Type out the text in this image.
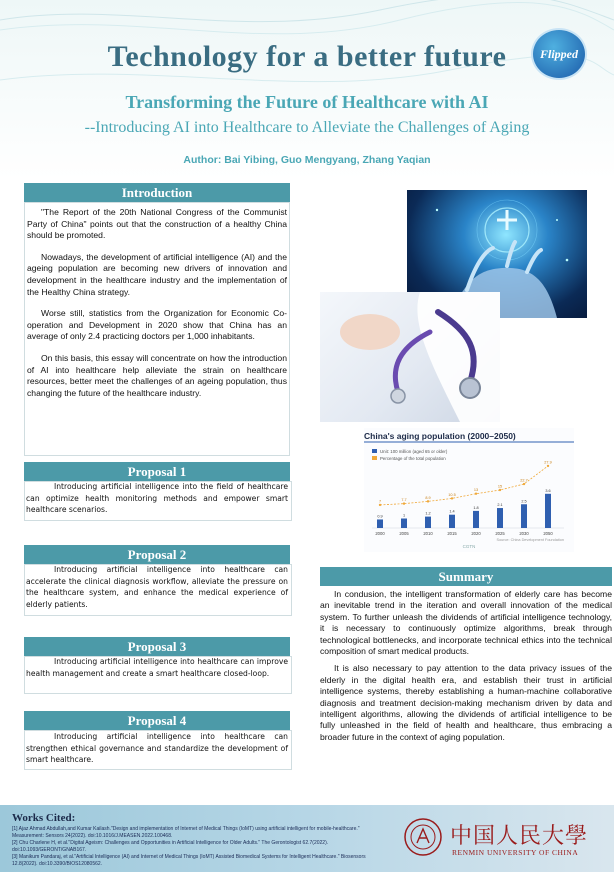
Technology for a better future	Flipped
Transforming the Future of Healthcare with AI
--Introducing AI into Healthcare to Alleviate the Challenges of Aging
Author: Bai Yibing, Guo Mengyang, Zhang Yaqian
Introduction

"The Report of the 20th National Congress of the Communist Party of China" points out that the construction of a healthy China should be promoted.

Nowadays, the development of artificial intelligence (AI) and the ageing population are becoming new drivers of innovation and development in the healthcare industry and the implementation of the Healthy China strategy.

Worse still, statistics from the Organization for Economic Co-operation and Development in 2020 show that China has an average of only 2.4 practicing doctors per 1,000 inhabitants.

On this basis, this essay will concentrate on how the introduction of AI into healthcare help alleviate the strain on healthcare resources, better meet the challenges of an ageing population, thus changing the future of the healthcare industry.

Proposal 1
Introducing artificial intelligence into the field of healthcare can optimize health monitoring methods and empower smart healthcare scenarios.
Proposal 2
Introducing artificial intelligence into healthcare can accelerate the clinical diagnosis workflow, alleviate the pressure on the healthcare system, and enhance the medical experience of elderly patients.
Proposal 3
Introducing artificial intelligence into healthcare can improve health management and create a smart healthcare closed-loop.
Proposal 4
Introducing artificial intelligence into healthcare can strengthen ethical governance and standardize the development of smart healthcare.
China's aging population (2000–2050)
Unit: 100 million (aged 65 or older)
Percentage of the total population
0.9
2000
1
2005
1.2
2010
1.4
2015
1.8
2020
2.1
2025
2.5
2030
3.6
2050
7	7.7
8.9
10.5
13
15
22.7
27.9
CGTN
Source: China Development Foundation
Summary

In condusion, the intelligent transformation of elderly care has become an inevitable trend in the iteration and overall innovation of the medical system. To further unleash the dividends of artificial intelligence technology, it is necessary to continuously optimize algorithms, break through technological bottlenecks, and incorporate technical ethics into the technical composition of smart medical products.

It is also necessary to pay attention to the data privacy issues of the elderly in the digital health era, and establish their trust in artificial intelligence systems, thereby establishing a human-machine collaborative diagnosis and treatment decision-making mechanism driven by data and intelligent algorithms, allowing the dividends of artificial intelligence to be fully unleashed in the field of health and healthcare, thus embracing a broader future in the context of aging population.

Works Cited:
[1] Ajaz Ahmad Abdullah,and Kumar Kailash."Design and implementation of Internet of Medical Things (IoMT) using artificial intelligent for mobile-healthcare." Measurement: Sensors 24(2022). doi:10.1016/J.MEASEN.2022.100468.
[2] Chu Charlene H, et al."Digital Ageism: Challenges and Opportunities in Artificial Intelligence for Older Adults." The Gerontologist 62.7(2022). doi:10.1093/GERONT/GNAB167.
[3] Manikum Pandaraj, et al."Artificial Intelligence (AI) and Internet of Medical Things (IoMT) Assisted Biomedical Systems for Intelligent Healthcare." Biosensors 12.8(2022). doi:10.3390/BIOS12080562.
中国人民大學
RENMIN UNIVERSITY OF CHINA
